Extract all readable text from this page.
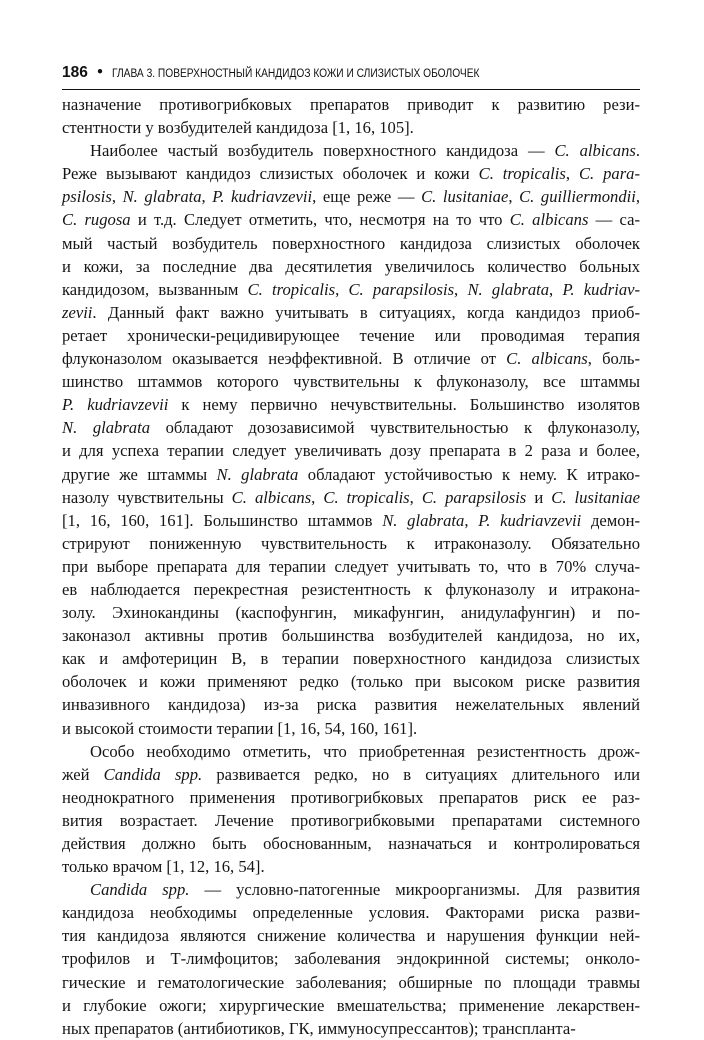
186 • ГЛАВА 3. ПОВЕРХНОСТНЫЙ КАНДИДОЗ КОЖИ И СЛИЗИСТЫХ ОБОЛОЧЕК
назначение противогрибковых препаратов приводит к развитию рези-
стентности у возбудителей кандидоза [1, 16, 105].
Наиболее частый возбудитель поверхностного кандидоза — C. albicans.
Реже вызывают кандидоз слизистых оболочек и кожи C. tropicalis, C. para-
psilosis, N. glabrata, P. kudriavzevii, еще реже — C. lusitaniae, C. guilliermondii,
C. rugosa и т.д. Следует отметить, что, несмотря на то что C. albicans — са-
мый частый возбудитель поверхностного кандидоза слизистых оболочек
и кожи, за последние два десятилетия увеличилось количество больных
кандидозом, вызванным C. tropicalis, C. parapsilosis, N. glabrata, P. kudriav-
zevii. Данный факт важно учитывать в ситуациях, когда кандидоз приоб-
ретает хронически-рецидивирующее течение или проводимая терапия
флуконазолом оказывается неэффективной. В отличие от C. albicans, боль-
шинство штаммов которого чувствительны к флуконазолу, все штаммы
P. kudriavzevii к нему первично нечувствительны. Большинство изолятов
N. glabrata обладают дозозависимой чувствительностью к флуконазолу,
и для успеха терапии следует увеличивать дозу препарата в 2 раза и более,
другие же штаммы N. glabrata обладают устойчивостью к нему. К итрако-
назолу чувствительны C. albicans, C. tropicalis, C. parapsilosis и C. lusitaniae
[1, 16, 160, 161]. Большинство штаммов N. glabrata, P. kudriavzevii демон-
стрируют пониженную чувствительность к итраконазолу. Обязательно
при выборе препарата для терапии следует учитывать то, что в 70% случа-
ев наблюдается перекрестная резистентность к флуконазолу и итракона-
золу. Эхинокандины (каспофунгин, микафунгин, анидулафунгин) и по-
законазол активны против большинства возбудителей кандидоза, но их,
как и амфотерицин В, в терапии поверхностного кандидоза слизистых
оболочек и кожи применяют редко (только при высоком риске развития
инвазивного кандидоза) из-за риска развития нежелательных явлений
и высокой стоимости терапии [1, 16, 54, 160, 161].
Особо необходимо отметить, что приобретенная резистентность дрож-
жей Candida spp. развивается редко, но в ситуациях длительного или
неоднократного применения противогрибковых препаратов риск ее раз-
вития возрастает. Лечение противогрибковыми препаратами системного
действия должно быть обоснованным, назначаться и контролироваться
только врачом [1, 12, 16, 54].
Candida spp. — условно-патогенные микроорганизмы. Для развития
кандидоза необходимы определенные условия. Факторами риска разви-
тия кандидоза являются снижение количества и нарушения функции ней-
трофилов и Т-лимфоцитов; заболевания эндокринной системы; онколо-
гические и гематологические заболевания; обширные по площади травмы
и глубокие ожоги; хирургические вмешательства; применение лекарствен-
ных препаратов (антибиотиков, ГК, иммуносупрессантов); транспланта-
